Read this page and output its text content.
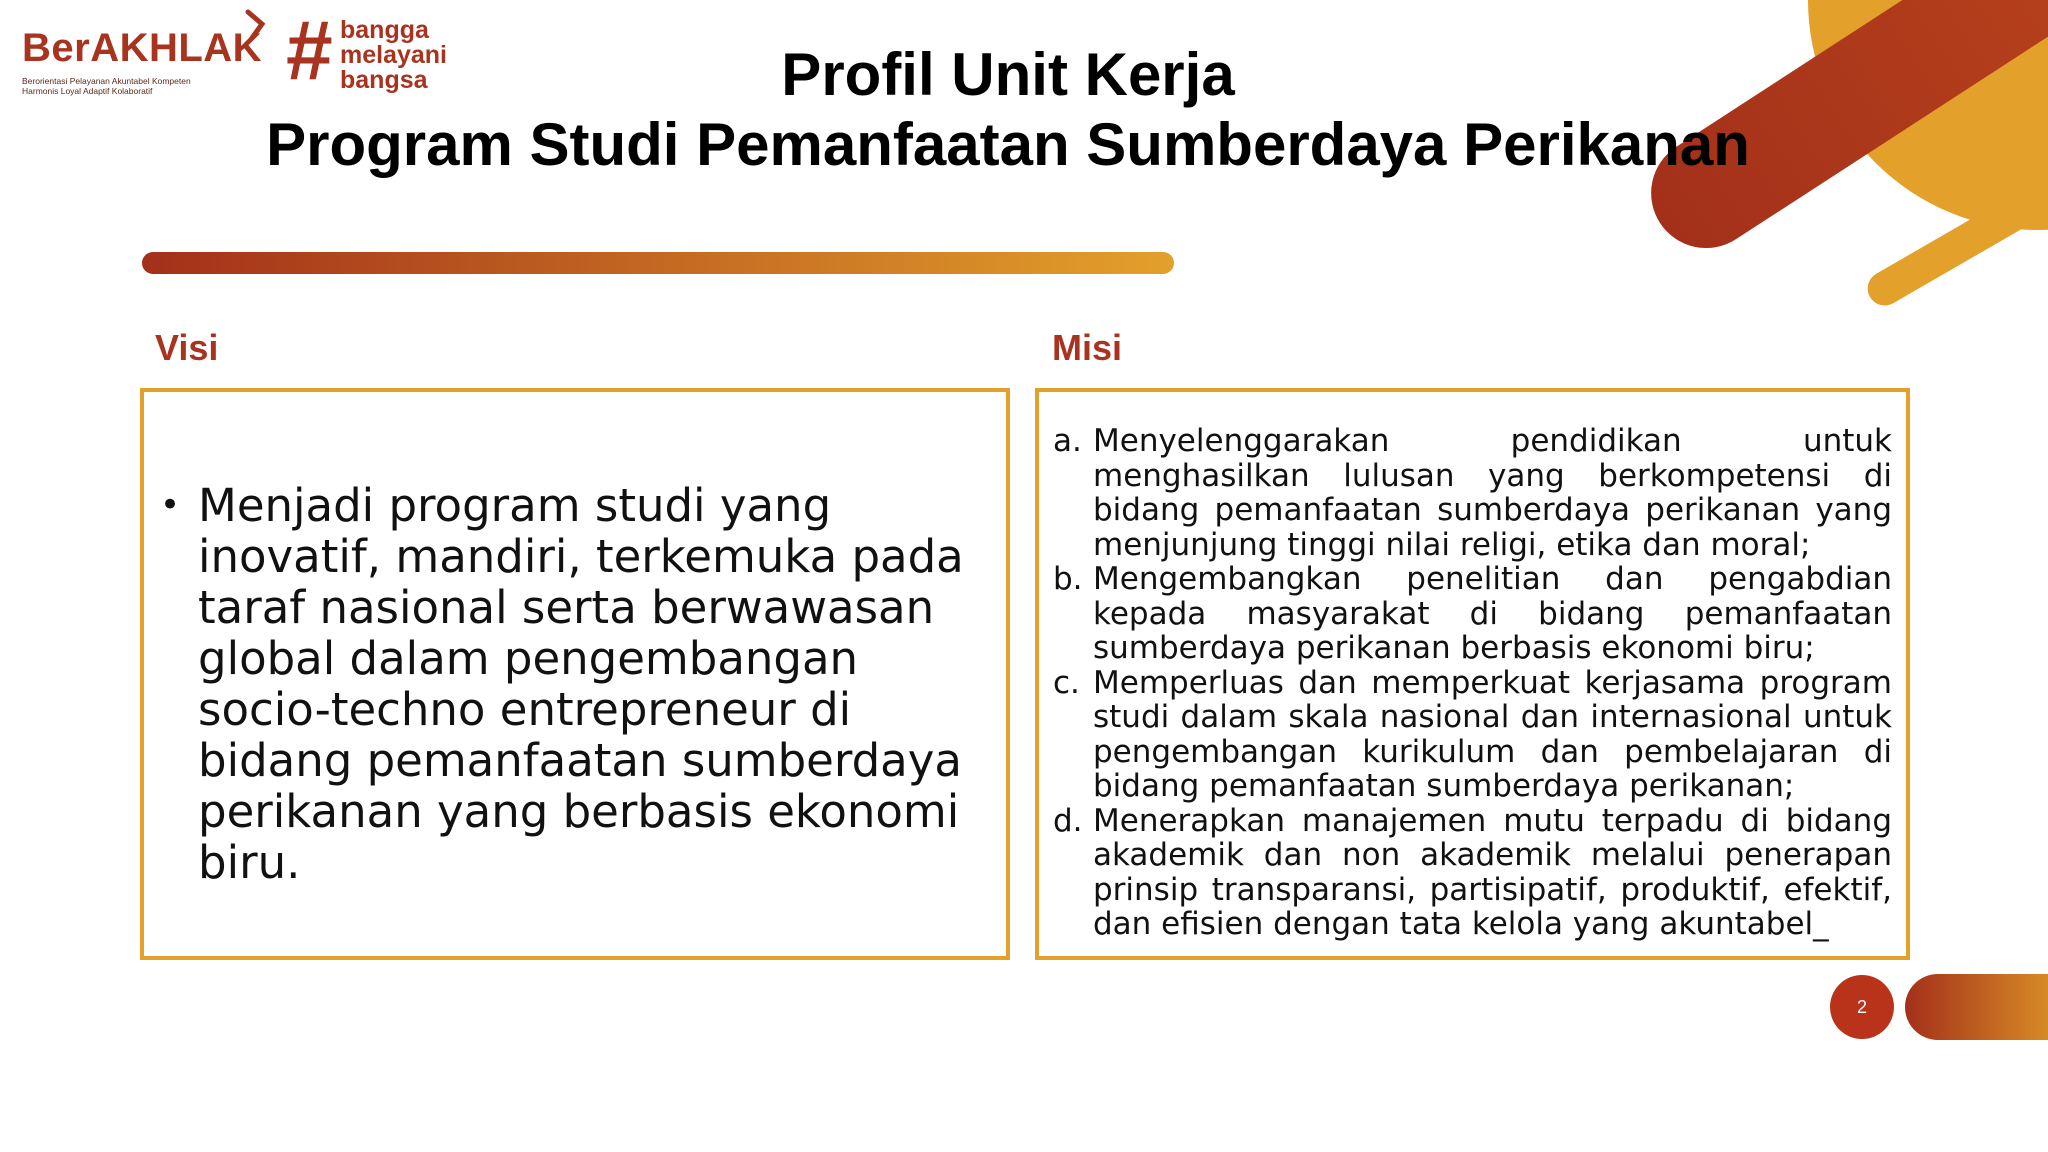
BerAKHLAK
Berorientasi Pelayanan Akuntabel Kompeten
Harmonis Loyal Adaptif Kolaboratif	# bangga
melayani
bangsa	Profil Unit Kerja
Program Studi Pemanfaatan Sumberdaya Perikanan
Visi
• Menjadi program studi yang inovatif, mandiri, terkemuka pada taraf nasional serta berwawasan global dalam pengembangan socio-techno entrepreneur di bidang pemanfaatan sumberdaya perikanan yang berbasis ekonomi biru.
Misi
a. Menyelenggarakan pendidikan untuk menghasilkan lulusan yang berkompetensi di bidang pemanfaatan sumberdaya perikanan yang menjunjung tinggi nilai religi, etika dan moral;
b. Mengembangkan penelitian dan pengabdian kepada masyarakat di bidang pemanfaatan sumberdaya perikanan berbasis ekonomi biru;
c. Memperluas dan memperkuat kerjasama program studi dalam skala nasional dan internasional untuk pengembangan kurikulum dan pembelajaran di bidang pemanfaatan sumberdaya perikanan;
d. Menerapkan manajemen mutu terpadu di bidang akademik dan non akademik melalui penerapan prinsip transparansi, partisipatif, produktif, efektif, dan efisien dengan tata kelola yang akuntabel_
2
